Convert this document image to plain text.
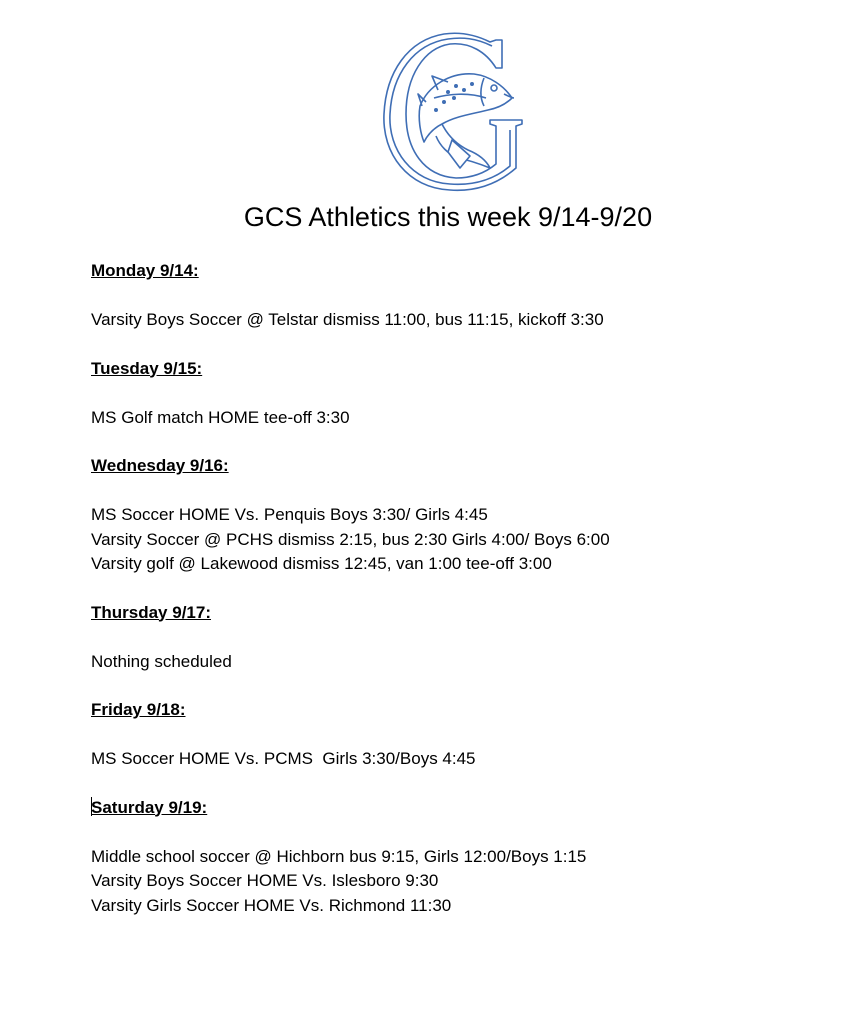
GCS Athletics this week 9/14-9/20

Monday 9/14:

Varsity Boys Soccer @ Telstar dismiss 11:00, bus 11:15, kickoff 3:30

Tuesday 9/15:

MS Golf match HOME tee-off 3:30

Wednesday 9/16:

MS Soccer HOME Vs. Penquis Boys 3:30/ Girls 4:45
Varsity Soccer @ PCHS dismiss 2:15, bus 2:30 Girls 4:00/ Boys 6:00
Varsity golf @ Lakewood dismiss 12:45, van 1:00 tee-off 3:00

Thursday 9/17:

Nothing scheduled

Friday 9/18:

MS Soccer HOME Vs. PCMS  Girls 3:30/Boys 4:45

Saturday 9/19:

Middle school soccer @ Hichborn bus 9:15, Girls 12:00/Boys 1:15
Varsity Boys Soccer HOME Vs. Islesboro 9:30
Varsity Girls Soccer HOME Vs. Richmond 11:30
